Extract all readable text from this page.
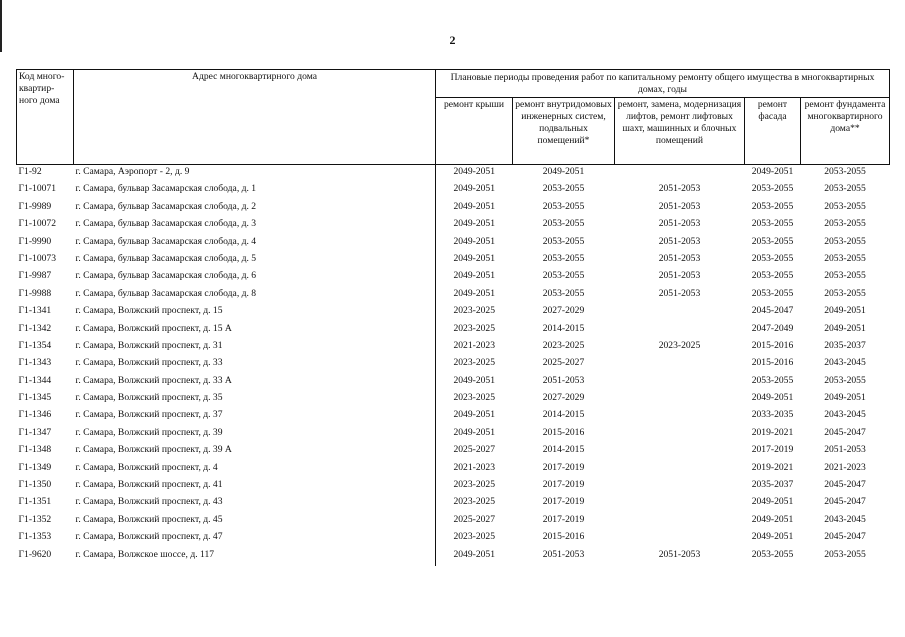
2
Код много-квартир-ного дома	Адрес многоквартирного дома	Плановые периоды проведения работ по капитальному ремонту общего имущества в многоквартирных домах, годы				
		ремонт крыши	ремонт внутридомовых инженерных систем, подвальных помещений*	ремонт, замена, модернизация лифтов, ремонт лифтовых шахт, машинных и блочных помещений	ремонт фасада	ремонт фундамента многоквартирного дома**
Г1-92	г. Самара, Аэропорт - 2, д. 9	2049-2051	2049-2051		2049-2051	2053-2055
Г1-10071	г. Самара, бульвар Засамарская слобода, д. 1	2049-2051	2053-2055	2051-2053	2053-2055	2053-2055
Г1-9989	г. Самара, бульвар Засамарская слобода, д. 2	2049-2051	2053-2055	2051-2053	2053-2055	2053-2055
Г1-10072	г. Самара, бульвар Засамарская слобода, д. 3	2049-2051	2053-2055	2051-2053	2053-2055	2053-2055
Г1-9990	г. Самара, бульвар Засамарская слобода, д. 4	2049-2051	2053-2055	2051-2053	2053-2055	2053-2055
Г1-10073	г. Самара, бульвар Засамарская слобода, д. 5	2049-2051	2053-2055	2051-2053	2053-2055	2053-2055
Г1-9987	г. Самара, бульвар Засамарская слобода, д. 6	2049-2051	2053-2055	2051-2053	2053-2055	2053-2055
Г1-9988	г. Самара, бульвар Засамарская слобода, д. 8	2049-2051	2053-2055	2051-2053	2053-2055	2053-2055
Г1-1341	г. Самара, Волжский проспект, д. 15	2023-2025	2027-2029		2045-2047	2049-2051
Г1-1342	г. Самара, Волжский проспект, д. 15 А	2023-2025	2014-2015		2047-2049	2049-2051
Г1-1354	г. Самара, Волжский проспект, д. 31	2021-2023	2023-2025	2023-2025	2015-2016	2035-2037
Г1-1343	г. Самара, Волжский проспект, д. 33	2023-2025	2025-2027		2015-2016	2043-2045
Г1-1344	г. Самара, Волжский проспект, д. 33 А	2049-2051	2051-2053		2053-2055	2053-2055
Г1-1345	г. Самара, Волжский проспект, д. 35	2023-2025	2027-2029		2049-2051	2049-2051
Г1-1346	г. Самара, Волжский проспект, д. 37	2049-2051	2014-2015		2033-2035	2043-2045
Г1-1347	г. Самара, Волжский проспект, д. 39	2049-2051	2015-2016		2019-2021	2045-2047
Г1-1348	г. Самара, Волжский проспект, д. 39 А	2025-2027	2014-2015		2017-2019	2051-2053
Г1-1349	г. Самара, Волжский проспект, д. 4	2021-2023	2017-2019		2019-2021	2021-2023
Г1-1350	г. Самара, Волжский проспект, д. 41	2023-2025	2017-2019		2035-2037	2045-2047
Г1-1351	г. Самара, Волжский проспект, д. 43	2023-2025	2017-2019		2049-2051	2045-2047
Г1-1352	г. Самара, Волжский проспект, д. 45	2025-2027	2017-2019		2049-2051	2043-2045
Г1-1353	г. Самара, Волжский проспект, д. 47	2023-2025	2015-2016		2049-2051	2045-2047
Г1-9620	г. Самара, Волжское шоссе, д. 117	2049-2051	2051-2053	2051-2053	2053-2055	2053-2055
